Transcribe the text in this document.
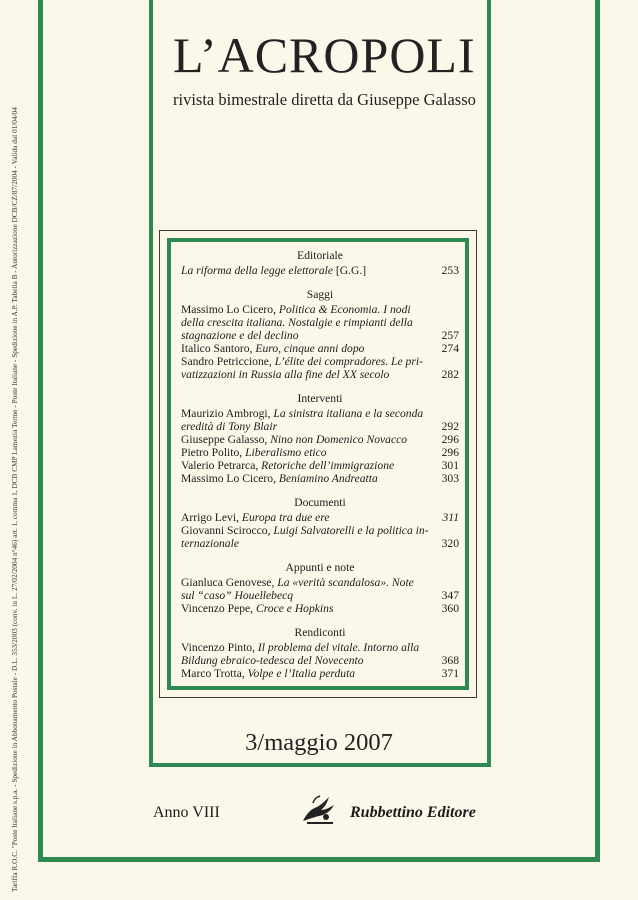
Tariffa R.O.C. "Poste Italiane s.p.a. - Spedizione in Abbonamento Postale - D.L. 353/2003 (conv. in L. 27/02/2004 n°46) art. 1, comma 1, DCB CMP Lamezia Terme - Poste Italiane - Spedizione in A.P. Tabella B - Autorizzazione DCB/CZ/87/2004 - Valida dal 01/04/04
L’ACROPOLI
rivista bimestrale diretta da Giuseppe Galasso
Editoriale
La riforma della legge elettorale [G.G.]	253
Saggi
Massimo Lo Cicero, Politica & Economia. I nodi della crescita italiana. Nostalgie e rimpianti della stagnazione e del declino	257
Italico Santoro, Euro, cinque anni dopo	274
Sandro Petriccione, L’élite dei compradores. Le privatizzazioni in Russia alla fine del XX secolo	282
Interventi
Maurizio Ambrogi, La sinistra italiana e la seconda eredità di Tony Blair	292
Giuseppe Galasso, Nino non Domenico Novacco	296
Pietro Polito, Liberalismo etico	296
Valerio Petrarca, Retoriche dell’immigrazione	301
Massimo Lo Cicero, Beniamino Andreatta	303
Documenti
Arrigo Levi, Europa tra due ere	311
Giovanni Scirocco, Luigi Salvatorelli e la politica internazionale	320
Appunti e note
Gianluca Genovese, La «verità scandalosa». Note sul “caso” Houellebecq	347
Vincenzo Pepe, Croce e Hopkins	360
Rendiconti
Vincenzo Pinto, Il problema del vitale. Intorno alla Bildung ebraico-tedesca del Novecento	368
Marco Trotta, Volpe e l’Italia perduta	371
3/maggio 2007
Anno VIII	Rubbettino Editore
